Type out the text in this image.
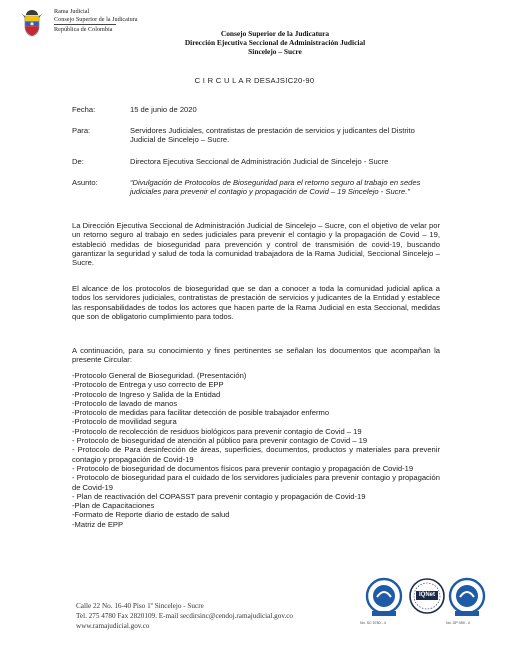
Rama Judicial
Consejo Superior de la Judicatura
República de Colombia	Consejo Superior de la Judicatura
Dirección Ejecutiva Seccional de Administración Judicial
Sincelejo – Sucre
C I R C U L A R DESAJSIC20-90
Fecha:	15 de junio de 2020
Para:	Servidores Judiciales, contratistas de prestación de servicios y judicantes del Distrito Judicial de Sincelejo – Sucre.
De:	Directora Ejecutiva Seccional de Administración Judicial de Sincelejo - Sucre
Asunto:	“Divulgación de Protocolos de Bioseguridad para el retorno seguro al trabajo en sedes judiciales para prevenir el contagio y propagación de Covid – 19 Sincelejo - Sucre.”
La Dirección Ejecutiva Seccional de Administración Judicial de Sincelejo – Sucre, con el objetivo de velar por un retorno seguro al trabajo en sedes judiciales para prevenir el contagio y la propagación de Covid – 19, estableció medidas de bioseguridad para prevención y control de transmisión de covid-19, buscando garantizar la seguridad y salud de toda la comunidad trabajadora de la Rama Judicial, Seccional Sincelejo – Sucre.
El alcance de los protocolos de bioseguridad que se dan a conocer a toda la comunidad judicial aplica a todos los servidores judiciales, contratistas de prestación de servicios y judicantes de la Entidad y establece las responsabilidades de todos los actores que hacen parte de la Rama Judicial en esta Seccional, medidas que son de obligatorio cumplimiento para todos.
A continuación, para su conocimiento y fines pertinentes se señalan los documentos que acompañan la presente Circular:
-Protocolo General de Bioseguridad. (Presentación)
-Protocolo de Entrega y uso correcto de EPP
-Protocolo de Ingreso y Salida de la Entidad
-Protocolo de lavado de manos
-Protocolo de medidas para facilitar detección de posible trabajador enfermo
-Protocolo de movilidad segura
-Protocolo de recolección de residuos biológicos para prevenir contagio de Covid – 19
- Protocolo de bioseguridad de atención al público para prevenir contagio de Covid – 19
- Protocolo de Para desinfección de áreas, superficies, documentos, productos y materiales para prevenir contagio y propagación de Covid-19
- Protocolo de bioseguridad de documentos físicos para prevenir contagio y propagación de Covid-19
- Protocolo de bioseguridad para el cuidado de los servidores judiciales para prevenir contagio y propagación de Covid-19
- Plan de reactivación del COPASST para prevenir contagio y propagación de Covid-19
-Plan de Capacitaciones
-Formato de Reporte diario de estado de salud
-Matriz de EPP
Calle 22 No. 16-40 Piso 1º Sincelejo - Sucre
Tel. 275 4780 Fax 2820109. E-mail secdirsinc@cendoj.ramajudicial.gov.co
www.ramajudicial.gov.co	No. SC 5780 - 4
IQNet
No. GP 059 - 4
